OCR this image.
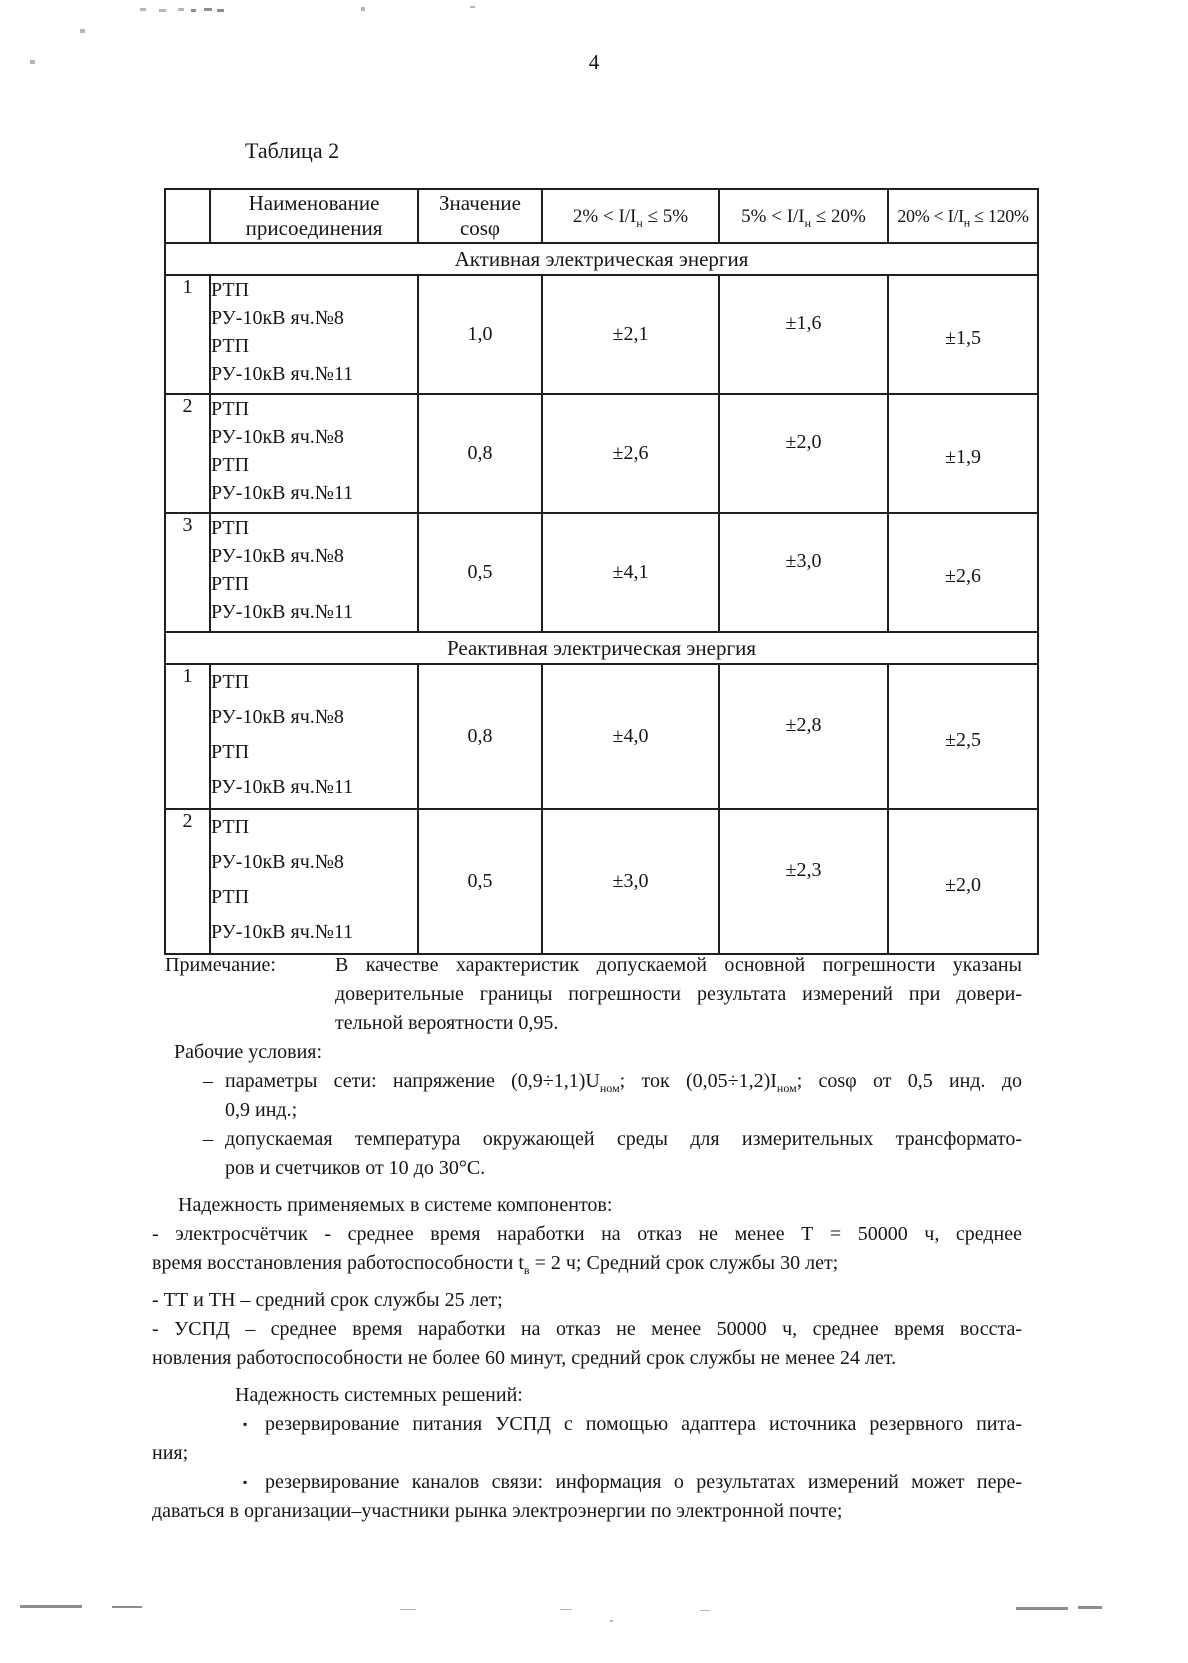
4
Таблица 2
	Наименование присоединения	Значение cosφ	$2\% < I/I_н \le 5\%$	$5\% < I/I_н \le 20\%$	$20\% < I/I_н \le 120\%$
Активная электрическая энергия					
1	РТП
РУ-10кВ яч.№8
РТП
РУ-10кВ яч.№11	1,0	±2,1	±1,6	±1,5
2	РТП
РУ-10кВ яч.№8
РТП
РУ-10кВ яч.№11	0,8	±2,6	±2,0	±1,9
3	РТП
РУ-10кВ яч.№8
РТП
РУ-10кВ яч.№11	0,5	±4,1	±3,0	±2,6
Реактивная электрическая энергия					
1	РТП
РУ-10кВ яч.№8
РТП
РУ-10кВ яч.№11	0,8	±4,0	±2,8	±2,5
2	РТП
РУ-10кВ яч.№8
РТП
РУ-10кВ яч.№11	0,5	±3,0	±2,3	±2,0
Примечание:	В качестве характеристик допускаемой основной погрешности указаны
доверительные границы погрешности результата измерений при довери-
тельной вероятности 0,95.
Рабочие условия:
– параметры сети: напряжение $(0,9\div 1,1)U_{ном}$; ток $(0,05\div 1,2)I_{ном}$; cosφ от 0,5 инд. до
0,9 инд.;
– допускаемая температура окружающей среды для измерительных трансформато-
ров и счетчиков от 10 до 30°С.
Надежность применяемых в системе компонентов:
- электросчётчик - среднее время наработки на отказ не менее Т = 50000 ч, среднее
время восстановления работоспособности $t_в = 2$ ч; Средний срок службы 30 лет;
- ТТ и ТН – средний срок службы 25 лет;
- УСПД – среднее время наработки на отказ не менее 50000 ч, среднее время восста-
новления работоспособности не более 60 минут, средний срок службы не менее 24 лет.
Надежность системных решений:
▪ резервирование питания УСПД с помощью адаптера источника резервного пита-
ния;
▪ резервирование каналов связи: информация о результатах измерений может пере-
даваться в организации–участники рынка электроэнергии по электронной почте;
